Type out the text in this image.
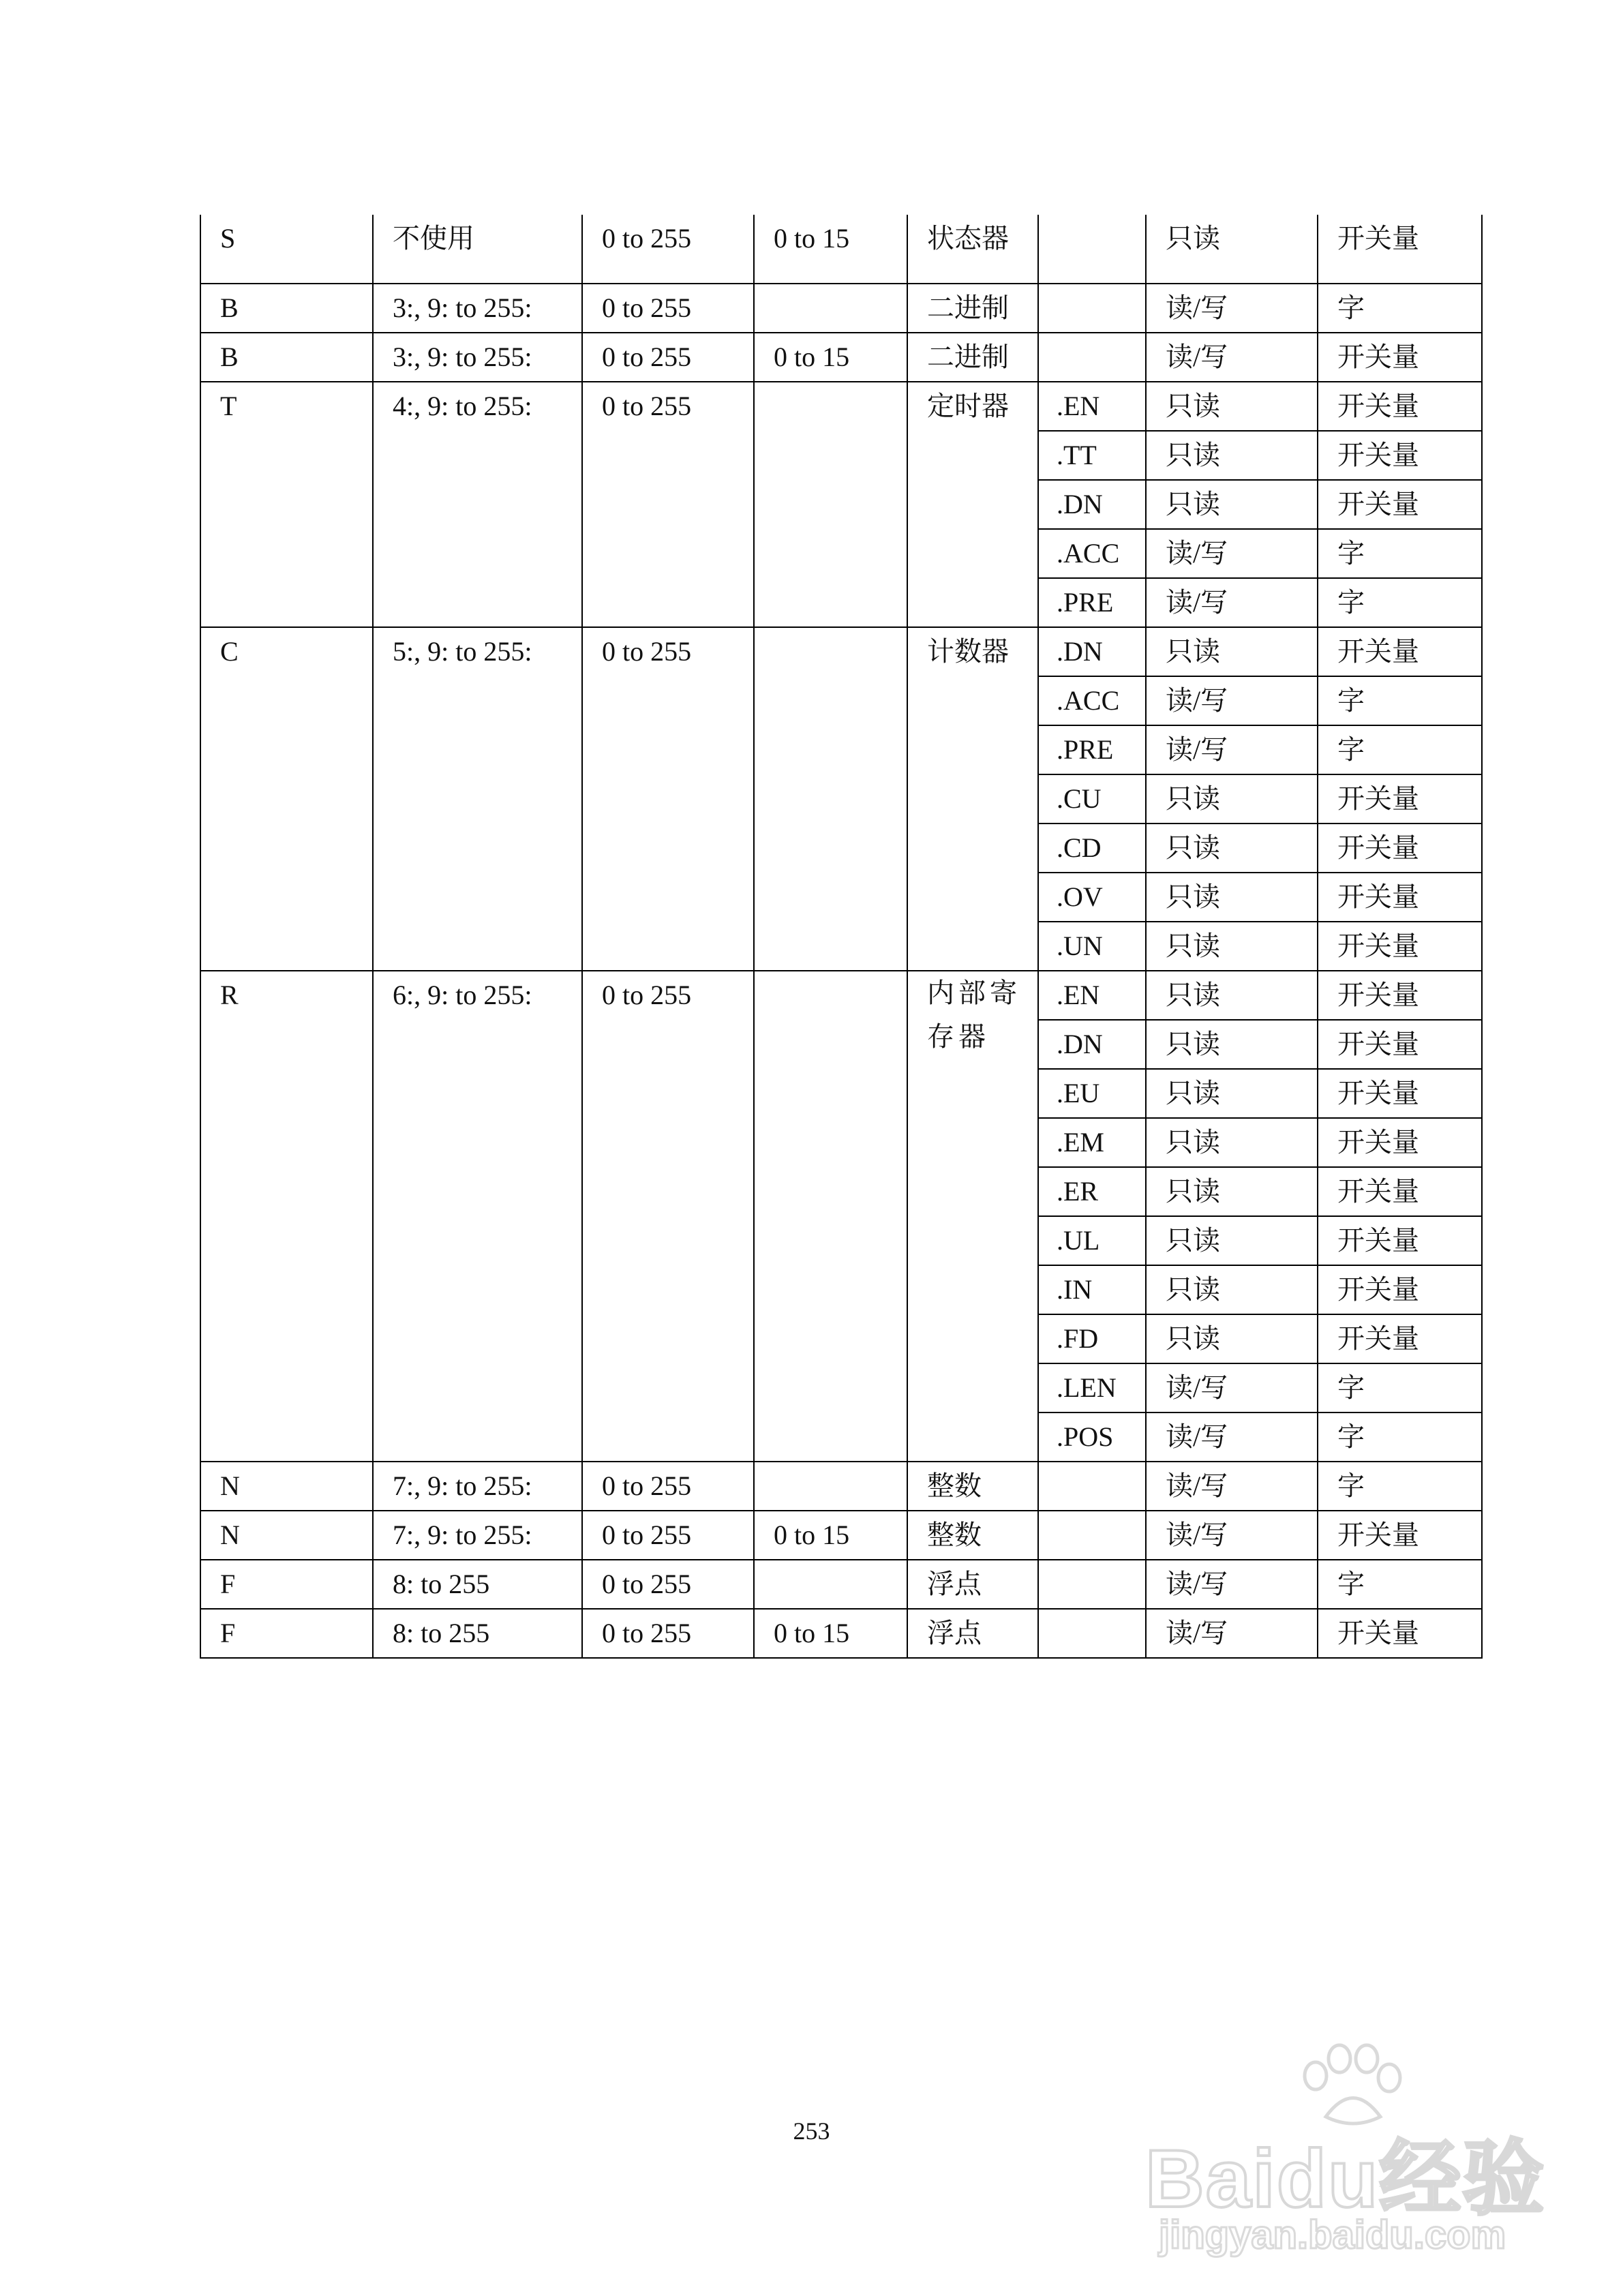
S	不使用	0 to 255	0 to 15	状态器		只读	开关量
B	3:, 9: to 255:	0 to 255		二进制		读/写	字
B	3:, 9: to 255:	0 to 255	0 to 15	二进制		读/写	开关量
T	4:, 9: to 255:	0 to 255		定时器	.EN	只读	开关量
					.TT	只读	开关量
					.DN	只读	开关量
					.ACC	读/写	字
					.PRE	读/写	字
C	5:, 9: to 255:	0 to 255		计数器	.DN	只读	开关量
					.ACC	读/写	字
					.PRE	读/写	字
					.CU	只读	开关量
					.CD	只读	开关量
					.OV	只读	开关量
					.UN	只读	开关量
R	6:, 9: to 255:	0 to 255		内部寄存器	.EN	只读	开关量
					.DN	只读	开关量
					.EU	只读	开关量
					.EM	只读	开关量
					.ER	只读	开关量
					.UL	只读	开关量
					.IN	只读	开关量
					.FD	只读	开关量
					.LEN	读/写	字
					.POS	读/写	字
N	7:, 9: to 255:	0 to 255		整数		读/写	字
N	7:, 9: to 255:	0 to 255	0 to 15	整数		读/写	开关量
F	8: to 255	0 to 255		浮点		读/写	字
F	8: to 255	0 to 255	0 to 15	浮点		读/写	开关量
253
Baidu经验
jingyan.baidu.com
